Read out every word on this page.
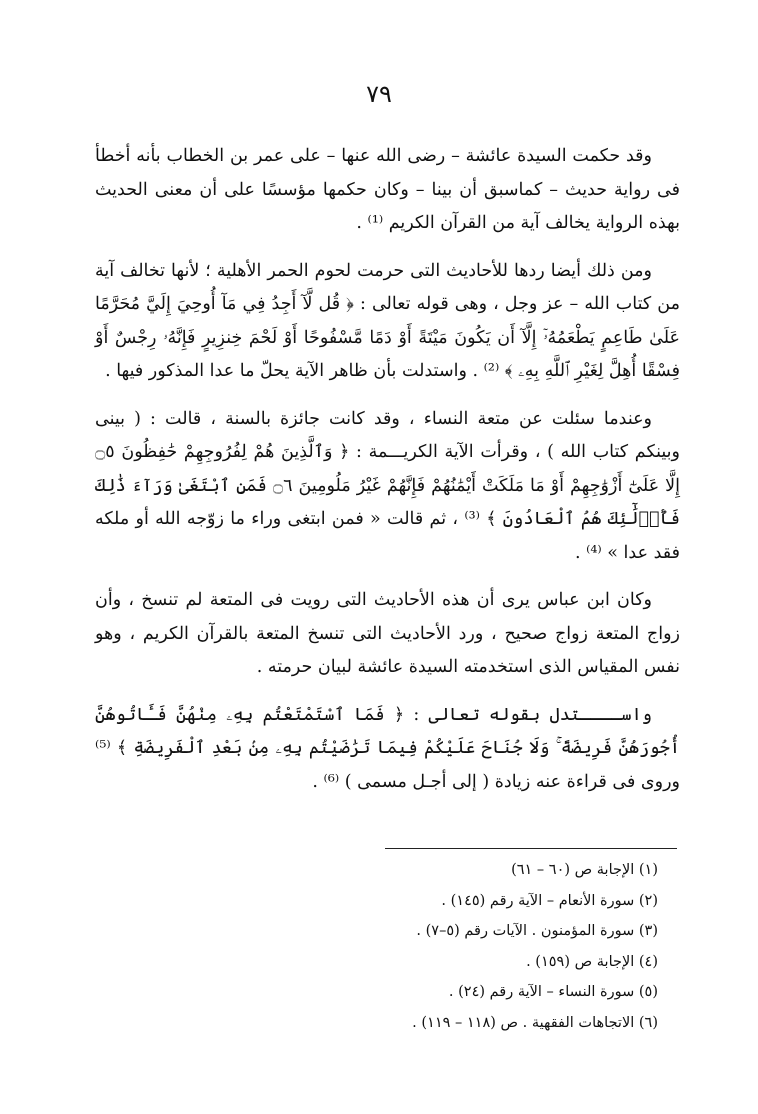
٧٩

وقد حكمت السيدة عائشة – رضى الله عنها – على عمر بن الخطاب بأنه أخطأ فى رواية حديث – كماسبق أن بينا – وكان حكمها مؤسسًا على أن معنى الحديث بهذه الرواية يخالف آية من القرآن الكريم ⁽¹⁾ .

ومن ذلك أيضا ردها للأحاديث التى حرمت لحوم الحمر الأهلية ؛ لأنها تخالف آية من كتاب الله – عز وجل ، وهى قوله تعالى : ﴿ قُل لَّآ أَجِدُ فِي مَآ أُوحِيَ إِلَيَّ مُحَرَّمًا عَلَىٰ طَاعِمٍ يَطْعَمُهُۥٓ إِلَّآ أَن يَكُونَ مَيْتَةً أَوْ دَمًا مَّسْفُوحًا أَوْ لَحْمَ خِنزِيرٍ فَإِنَّهُۥ رِجْسٌ أَوْ فِسْقًا أُهِلَّ لِغَيْرِ ٱللَّهِ بِهِۦ ﴾ ⁽²⁾ . واستدلت بأن ظاهر الآية يحلّ ما عدا المذكور فيها .

وعندما سئلت عن متعة النساء ، وقد كانت جائزة بالسنة ، قالت : ( بينى وبينكم كتاب الله ) ، وقرأت الآية الكريـــمة : ﴿ وَٱلَّذِينَ هُمْ لِفُرُوجِهِمْ حَٰفِظُونَ ۝٥ إِلَّا عَلَىٰٓ أَزْوَٰجِهِمْ أَوْ مَا مَلَكَتْ أَيْمَٰنُهُمْ فَإِنَّهُمْ غَيْرُ مَلُومِينَ ۝٦ فَمَنِ ٱبْتَغَىٰ وَرَآءَ ذَٰلِكَ فَأُو۟لَٰٓئِكَ هُمُ ٱلْعَادُونَ ﴾ ⁽³⁾ ، ثم قالت « فمن ابتغى وراء ما زوّجه الله أو ملكه فقد عدا » ⁽⁴⁾ .

وكان ابن عباس يرى أن هذه الأحاديث التى رويت فى المتعة لم تنسخ ، وأن زواج المتعة زواج صحيح ، ورد الأحاديث التى تنسخ المتعة بالقرآن الكريم ، وهو نفس المقياس الذى استخدمته السيدة عائشة لبيان حرمته .

واســــتدل بقوله تعالى : ﴿ فَمَا ٱسْتَمْتَعْتُم بِهِۦ مِنْهُنَّ فَـَٔاتُوهُنَّ أُجُورَهُنَّ فَرِيضَةً ۚ وَلَا جُنَاحَ عَلَيْكُمْ فِيمَا تَرَٰضَيْتُم بِهِۦ مِنۢ بَعْدِ ٱلْفَرِيضَةِ ﴾ ⁽⁵⁾ وروى فى قراءة عنه زيادة ( إلى أجـل مسمى ) ⁽⁶⁾ .

(١) الإجابة ص (٦٠ – ٦١)
(٢) سورة الأنعام – الآية رقم (١٤٥) .
(٣) سورة المؤمنون . الآيات رقم (٥–٧) .
(٤) الإجابة ص (١٥٩) .
(٥) سورة النساء – الآية رقم (٢٤) .
(٦) الاتجاهات الفقهية . ص (١١٨ – ١١٩) .
